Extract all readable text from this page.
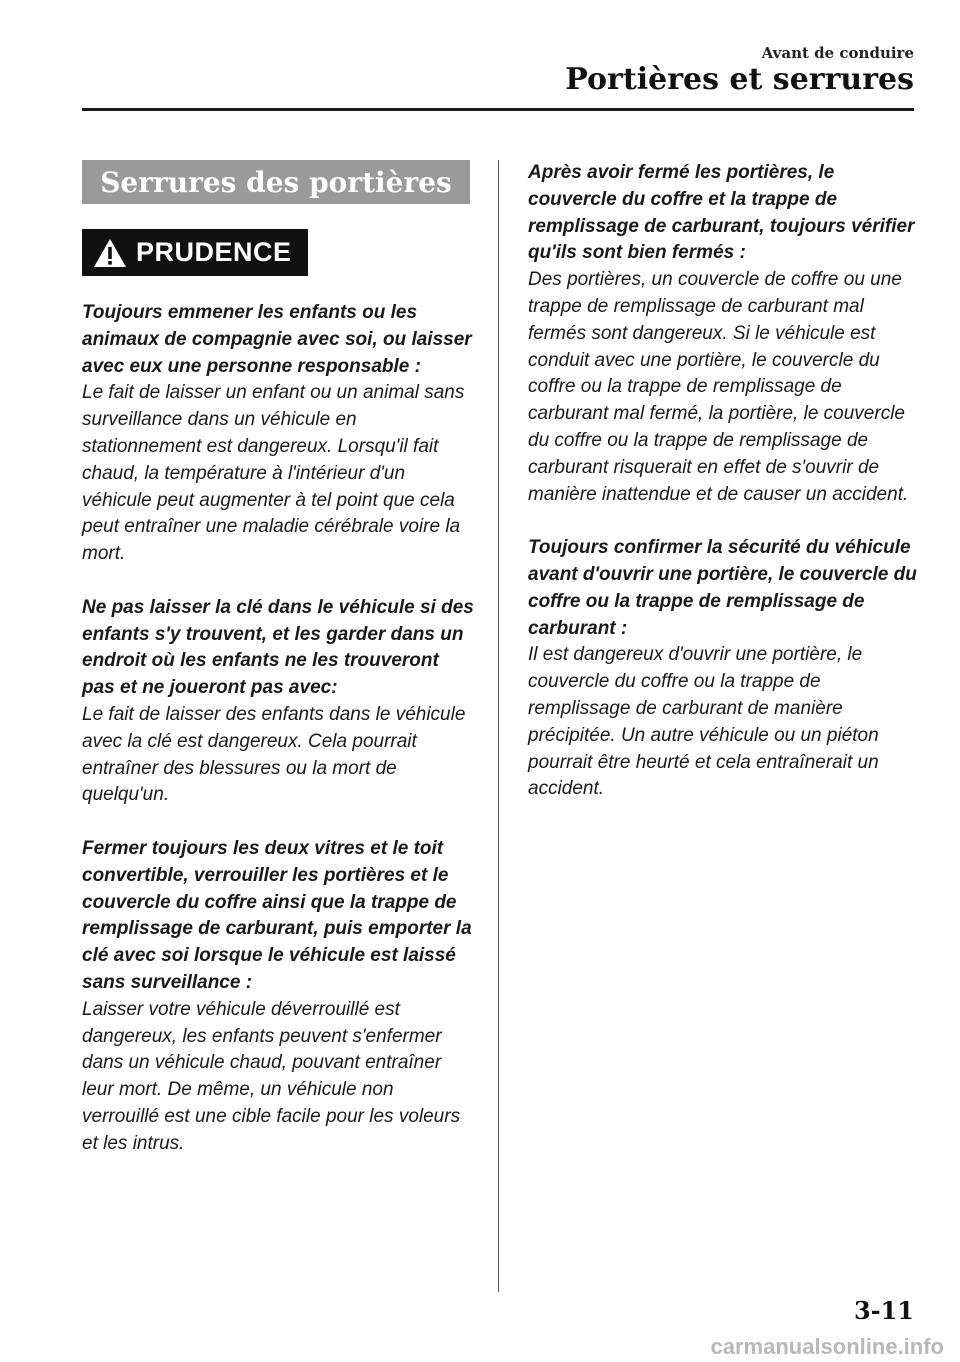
Avant de conduire
Portières et serrures
Serrures des portières
PRUDENCE

Toujours emmener les enfants ou les animaux de compagnie avec soi, ou laisser avec eux une personne responsable :
Le fait de laisser un enfant ou un animal sans surveillance dans un véhicule en stationnement est dangereux. Lorsqu'il fait chaud, la température à l'intérieur d'un véhicule peut augmenter à tel point que cela peut entraîner une maladie cérébrale voire la mort.

Ne pas laisser la clé dans le véhicule si des enfants s'y trouvent, et les garder dans un endroit où les enfants ne les trouveront pas et ne joueront pas avec:
Le fait de laisser des enfants dans le véhicule avec la clé est dangereux. Cela pourrait entraîner des blessures ou la mort de quelqu'un.

Fermer toujours les deux vitres et le toit convertible, verrouiller les portières et le couvercle du coffre ainsi que la trappe de remplissage de carburant, puis emporter la clé avec soi lorsque le véhicule est laissé sans surveillance :
Laisser votre véhicule déverrouillé est dangereux, les enfants peuvent s'enfermer dans un véhicule chaud, pouvant entraîner leur mort. De même, un véhicule non verrouillé est une cible facile pour les voleurs et les intrus.

Après avoir fermé les portières, le couvercle du coffre et la trappe de remplissage de carburant, toujours vérifier qu'ils sont bien fermés :
Des portières, un couvercle de coffre ou une trappe de remplissage de carburant mal fermés sont dangereux. Si le véhicule est conduit avec une portière, le couvercle du coffre ou la trappe de remplissage de carburant mal fermé, la portière, le couvercle du coffre ou la trappe de remplissage de carburant risquerait en effet de s'ouvrir de manière inattendue et de causer un accident.

Toujours confirmer la sécurité du véhicule avant d'ouvrir une portière, le couvercle du coffre ou la trappe de remplissage de carburant :
Il est dangereux d'ouvrir une portière, le couvercle du coffre ou la trappe de remplissage de carburant de manière précipitée. Un autre véhicule ou un piéton pourrait être heurté et cela entraînerait un accident.

3-11
carmanualsonline.info
